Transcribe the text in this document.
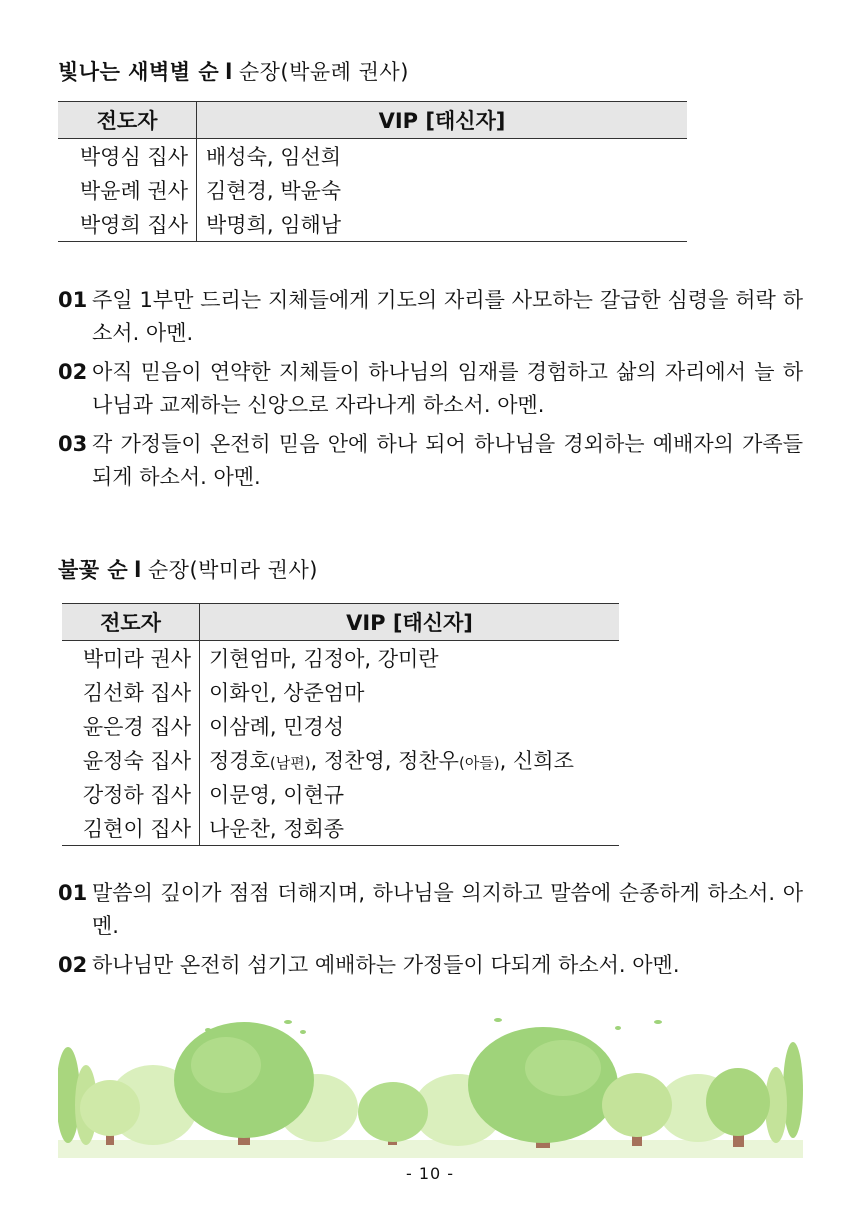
빛나는 새벽별 순 l 순장(박윤례 권사)
전도자	VIP [태신자]
박영심 집사	배성숙, 임선희
박윤례 권사	김현경, 박윤숙
박영희 집사	박명희, 임해남
01 주일 1부만 드리는 지체들에게 기도의 자리를 사모하는 갈급한 심령을 허락 하소서. 아멘.
02 아직 믿음이 연약한 지체들이 하나님의 임재를 경험하고 삶의 자리에서 늘 하나님과 교제하는 신앙으로 자라나게 하소서. 아멘.
03 각 가정들이 온전히 믿음 안에 하나 되어 하나님을 경외하는 예배자의 가족들 되게 하소서. 아멘.
불꽃 순 l 순장(박미라 권사)
전도자	VIP [태신자]
박미라 권사	기현엄마, 김정아, 강미란
김선화 집사	이화인, 상준엄마
윤은경 집사	이삼례, 민경성
윤정숙 집사	정경호(남편), 정찬영, 정찬우(아들), 신희조
강정하 집사	이문영, 이현규
김현이 집사	나운찬, 정회종
01 말씀의 깊이가 점점 더해지며, 하나님을 의지하고 말씀에 순종하게 하소서. 아멘.
02 하나님만 온전히 섬기고 예배하는 가정들이 다되게 하소서. 아멘.
- 10 -
